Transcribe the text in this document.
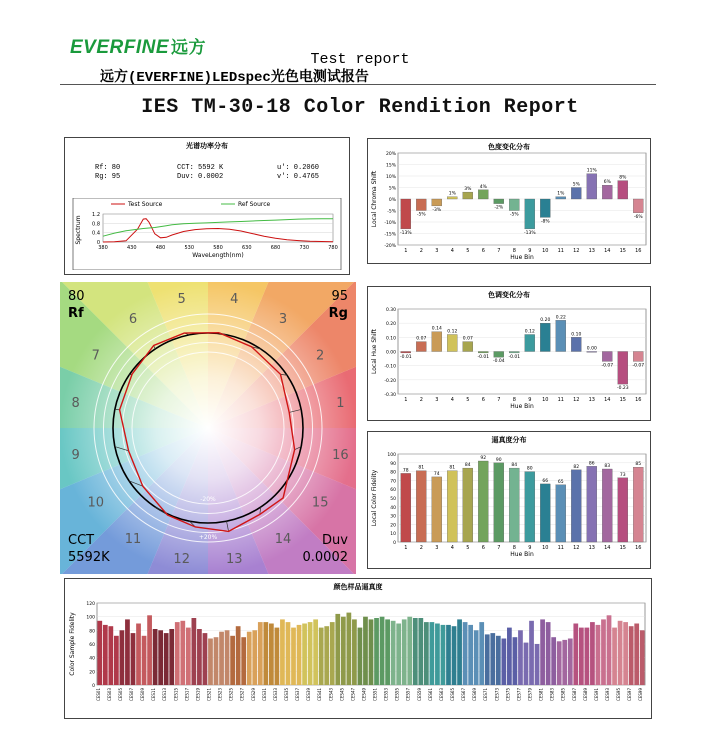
EVERFINE 远方
Test report
远方(EVERFINE)LEDspec光色电测试报告
IES TM-30-18 Color Rendition Report
光谱功率分布
Rf: 80
Rg: 95
CCT: 5592 K
Duv: 0.0002
u': 0.2060
v': 0.4765
1.2
0.8
0.4
0
380	430	480	530	580	630	680	730	780
WaveLength(nm)
Spectrum
Test Source	Ref Source
-20%
+20%
1
2
3
4
5
6
7
8
9
10
11
12	13
14
15
16
80
Rf
95
Rg
CCT
5592K
Duv
0.0002
色度变化分布
20%
15%
10%
5%
0%
-5%
-10%
-15%
-20%
-13%
1
-5%
2
-3%
3
1%
4
3%
5
4%
6
-2%
7
-5%
8
-13%
9
-8%
10
1%
11
5%
12
11%
13
6%
14
8%
15
-6%
16
Hue Bin
Local Chroma Shift
色调变化分布
0.30
0.20
0.10
0.00
-0.10
-0.20
-0.30
-0.01
1
0.07
2
0.14
3
0.12
4
0.07
5
-0.01
6
-0.04
7
-0.01
8
0.12
9
0.20
10
0.22
11
0.10
12
0.00
13
-0.07
14
-0.23
15
-0.07
16
Hue Bin
Local Hue Shift
逼真度分布
100
90
80
70
60
50
40
30
20
10
0
78
1
81
2
74
3
81
4
84
5
92
6
90
7
84
8
80
9
66
10
65
11
82
12
86
13
83
14
73
15
85
16
Hue Bin
Local Color Fidelity
颜色样品逼真度
120
100
80
60
40
20
0
CES01 CES03 CES05 CES07 CES09 CES11 CES13 CES15 CES17 CES19 CES21 CES23 CES25 CES27 CES29 CES31 CES33 CES35 CES37 CES39 CES41 CES43 CES45 CES47 CES49 CES51 CES53 CES55 CES57 CES59 CES61 CES63 CES65 CES67 CES69 CES71 CES73 CES75 CES77 CES79 CES81 CES83 CES85 CES87 CES89 CES91 CES93 CES95 CES97 CES99
Color Sample Fidelity
